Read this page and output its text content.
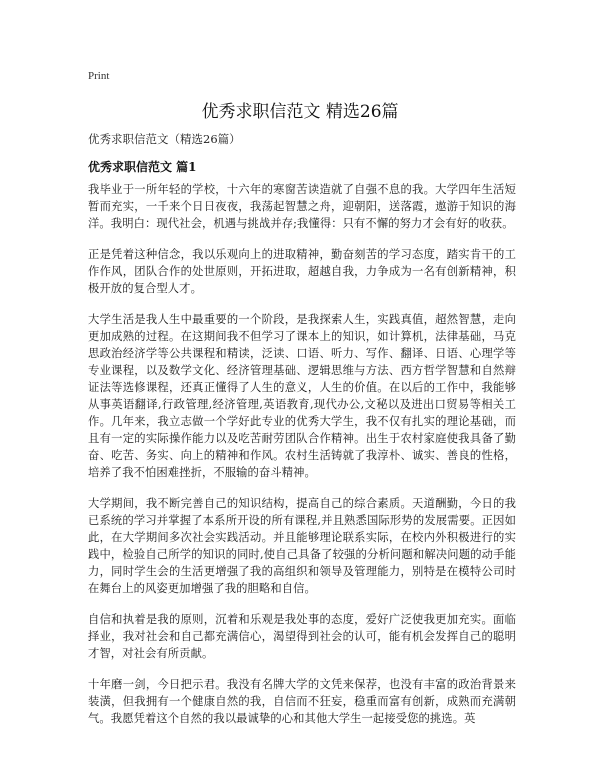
Print
优秀求职信范文 精选26篇
优秀求职信范文（精选26篇）
优秀求职信范文 篇1

我毕业于一所年轻的学校，十六年的寒窗苦读造就了自强不息的我。大学四年生活短暂而充实，一千来个日日夜夜，我荡起智慧之舟，迎朝阳，送落霞，遨游于知识的海洋。我明白：现代社会，机遇与挑战并存;我懂得：只有不懈的努力才会有好的收获。

正是凭着这种信念，我以乐观向上的进取精神，勤奋刻苦的学习态度，踏实肯干的工作作风，团队合作的处世原则，开拓进取，超越自我，力争成为一名有创新精神，积极开放的复合型人才。

大学生活是我人生中最重要的一个阶段，是我探索人生，实践真值，超然智慧，走向更加成熟的过程。在这期间我不但学习了课本上的知识，如计算机，法律基础，马克思政治经济学等公共课程和精读，泛读、口语、听力、写作、翻译、日语、心理学等专业课程，以及数学文化、经济管理基础、逻辑思维与方法、西方哲学智慧和自然辩证法等选修课程，还真正懂得了人生的意义，人生的价值。在以后的工作中，我能够从事英语翻译,行政管理,经济管理,英语教育,现代办公,文秘以及进出口贸易等相关工作。几年来，我立志做一个学好此专业的优秀大学生，我不仅有扎实的理论基础，而且有一定的实际操作能力以及吃苦耐劳团队合作精神。出生于农村家庭使我具备了勤奋、吃苦、务实、向上的精神和作风。农村生活铸就了我淳朴、诚实、善良的性格，培养了我不怕困难挫折，不服输的奋斗精神。

大学期间，我不断完善自己的知识结构，提高自己的综合素质。天道酬勤，今日的我已系统的学习并掌握了本系所开设的所有课程,并且熟悉国际形势的发展需要。正因如此，在大学期间多次社会实践活动。并且能够理论联系实际，在校内外积极进行的实践中，检验自己所学的知识的同时,使自己具备了较强的分析问题和解决问题的动手能力，同时学生会的生活更增强了我的高组织和领导及管理能力，别特是在模特公司时在舞台上的风姿更加增强了我的胆略和自信。

自信和执着是我的原则，沉着和乐观是我处事的态度，爱好广泛使我更加充实。面临择业，我对社会和自己都充满信心，渴望得到社会的认可，能有机会发挥自己的聪明才智，对社会有所贡献。

十年磨一剑，今日把示君。我没有名牌大学的文凭来保荐，也没有丰富的政治背景来装潢，但我拥有一个健康自然的我，自信而不狂妄，稳重而富有创新，成熟而充满朝气。我愿凭着这个自然的我以最诚挚的心和其他大学生一起接受您的挑选。英
